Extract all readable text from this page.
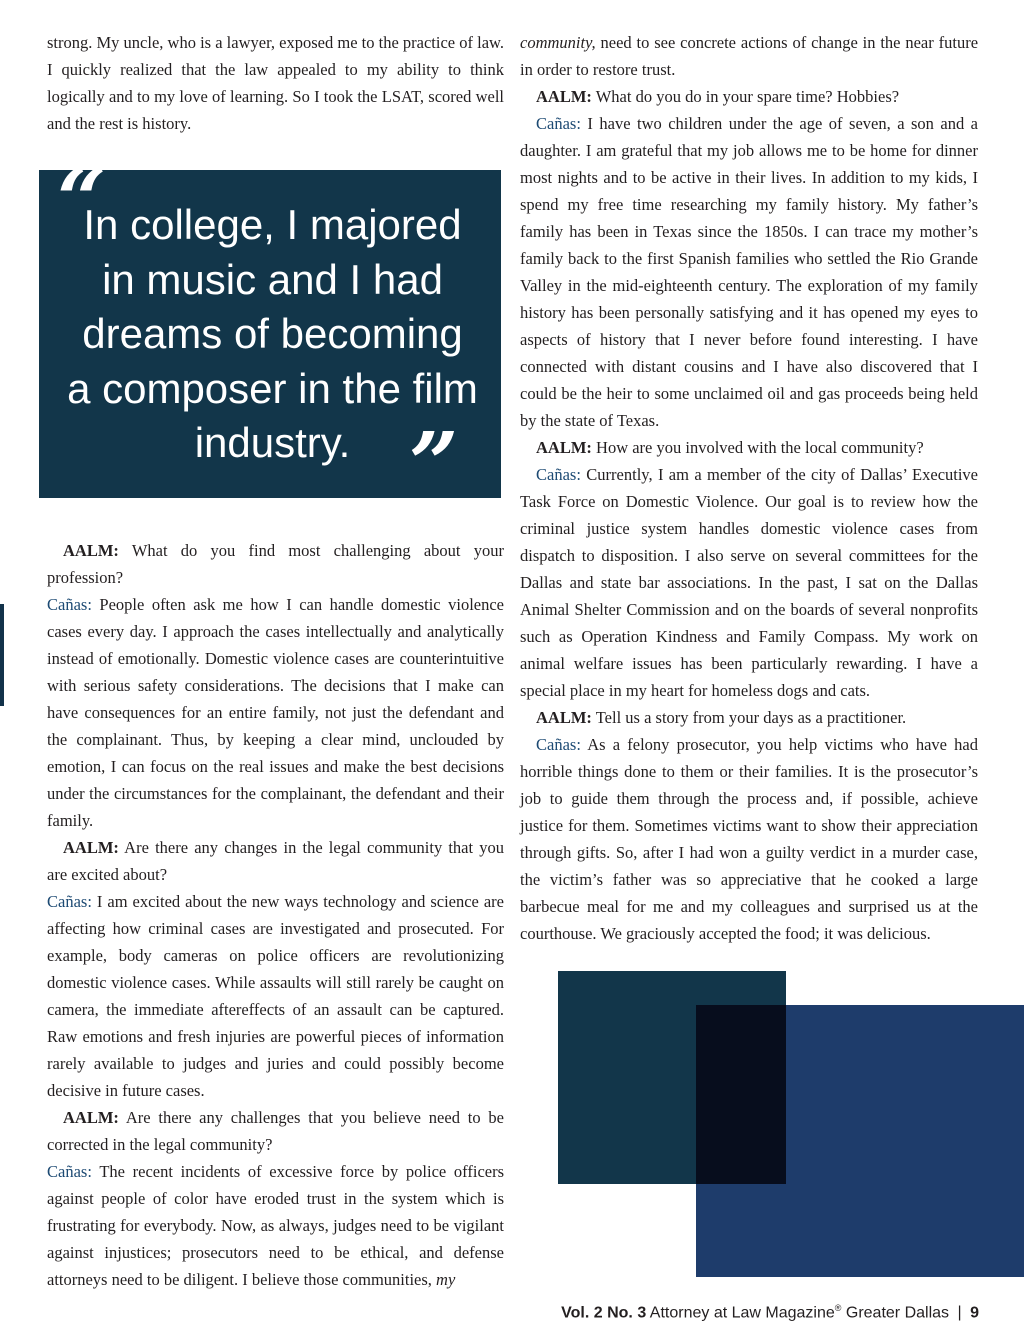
strong. My uncle, who is a lawyer, exposed me to the practice of law. I quickly realized that the law appealed to my ability to think logically and to my love of learning. So I took the LSAT, scored well and the rest is history.

“

In college, I majored in music and I had dreams of becoming a composer in the film industry. ”

AALM: What do you find most challenging about your profession?

Cañas: People often ask me how I can handle domestic violence cases every day. I approach the cases intellectually and analytically instead of emotionally. Domestic violence cases are counterintuitive with serious safety considerations. The decisions that I make can have consequences for an entire family, not just the defendant and the complainant. Thus, by keeping a clear mind, unclouded by emotion, I can focus on the real issues and make the best decisions under the circumstances for the complainant, the defendant and their family.

AALM: Are there any changes in the legal community that you are excited about?

Cañas: I am excited about the new ways technology and science are affecting how criminal cases are investigated and prosecuted. For example, body cameras on police officers are revolutionizing domestic violence cases. While assaults will still rarely be caught on camera, the immediate aftereffects of an assault can be captured. Raw emotions and fresh injuries are powerful pieces of information rarely available to judges and juries and could possibly become decisive in future cases.

AALM: Are there any challenges that you believe need to be corrected in the legal community?

Cañas: The recent incidents of excessive force by police officers against people of color have eroded trust in the system which is frustrating for everybody. Now, as always, judges need to be vigilant against injustices; prosecutors need to be ethical, and defense attorneys need to be diligent. I believe those communities, my

community, need to see concrete actions of change in the near future in order to restore trust.

AALM: What do you do in your spare time? Hobbies?

Cañas: I have two children under the age of seven, a son and a daughter. I am grateful that my job allows me to be home for dinner most nights and to be active in their lives. In addition to my kids, I spend my free time researching my family history. My father’s family has been in Texas since the 1850s. I can trace my mother’s family back to the first Spanish families who settled the Rio Grande Valley in the mid-eighteenth century. The exploration of my family history has been personally satisfying and it has opened my eyes to aspects of history that I never before found interesting. I have connected with distant cousins and I have also discovered that I could be the heir to some unclaimed oil and gas proceeds being held by the state of Texas.

AALM: How are you involved with the local community?

Cañas: Currently, I am a member of the city of Dallas’ Executive Task Force on Domestic Violence. Our goal is to review how the criminal justice system handles domestic violence cases from dispatch to disposition. I also serve on several committees for the Dallas and state bar associations. In the past, I sat on the Dallas Animal Shelter Commission and on the boards of several nonprofits such as Operation Kindness and Family Compass. My work on animal welfare issues has been particularly rewarding. I have a special place in my heart for homeless dogs and cats.

AALM: Tell us a story from your days as a practitioner.

Cañas: As a felony prosecutor, you help victims who have had horrible things done to them or their families. It is the prosecutor’s job to guide them through the process and, if possible, achieve justice for them. Sometimes victims want to show their appreciation through gifts. So, after I had won a guilty verdict in a murder case, the victim’s father was so appreciative that he cooked a large barbecue meal for me and my colleagues and surprised us at the courthouse. We graciously accepted the food; it was delicious.

Vol. 2 No. 3 Attorney at Law Magazine® Greater Dallas | 9
